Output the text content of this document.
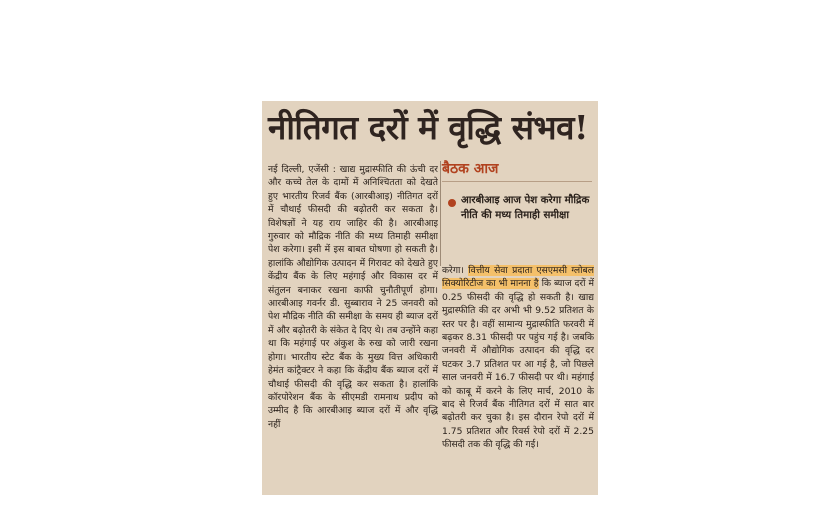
नीतिगत दरों में वृद्धि संभव!
नई दिल्ली, एजेंसी : खाद्य मुद्रास्फीति की ऊंची दर और कच्चे तेल के दामों में अनिश्चितता को देखते हुए भारतीय रिजर्व बैंक (आरबीआइ) नीतिगत दरों में चौथाई फीसदी की बढ़ोतरी कर सकता है। विशेषज्ञों ने यह राय जाहिर की है। आरबीआइ गुरुवार को मौद्रिक नीति की मध्य तिमाही समीक्षा पेश करेगा। इसी में इस बाबत घोषणा हो सकती है। हालांकि औद्योगिक उत्पादन में गिरावट को देखते हुए केंद्रीय बैंक के लिए महंगाई और विकास दर में संतुलन बनाकर रखना काफी चुनौतीपूर्ण होगा। आरबीआइ गवर्नर डी. सुब्बाराव ने 25 जनवरी को पेश मौद्रिक नीति की समीक्षा के समय ही ब्याज दरों में और बढ़ोतरी के संकेत दे दिए थे। तब उन्होंने कहा था कि महंगाई पर अंकुश के रुख को जारी रखना होगा। भारतीय स्टेट बैंक के मुख्य वित्त अधिकारी हेमंत कांट्रैक्टर ने कहा कि केंद्रीय बैंक ब्याज दरों में चौथाई फीसदी की वृद्धि कर सकता है। हालांकि कॉरपोरेशन बैंक के सीएमडी रामनाथ प्रदीप को उम्मीद है कि आरबीआइ ब्याज दरों में और वृद्धि नहीं
बैठक आज
आरबीआइ आज पेश करेगा मौद्रिक नीति की मध्य तिमाही समीक्षा
करेगा। वित्तीय सेवा प्रदाता एसएमसी ग्लोबल सिक्योरिटीज का भी मानना है कि ब्याज दरों में 0.25 फीसदी की वृद्धि हो सकती है। खाद्य मुद्रास्फीति की दर अभी भी 9.52 प्रतिशत के स्तर पर है। वहीं सामान्य मुद्रास्फीति फरवरी में बढ़कर 8.31 फीसदी पर पहुंच गई है। जबकि जनवरी में औद्योगिक उत्पादन की वृद्धि दर घटकर 3.7 प्रतिशत पर आ गई है, जो पिछले साल जनवरी में 16.7 फीसदी पर थी। महंगाई को काबू में करने के लिए मार्च, 2010 के बाद से रिजर्व बैंक नीतिगत दरों में सात बार बढ़ोतरी कर चुका है। इस दौरान रेपो दरों में 1.75 प्रतिशत और रिवर्स रेपो दरों में 2.25 फीसदी तक की वृद्धि की गई।
